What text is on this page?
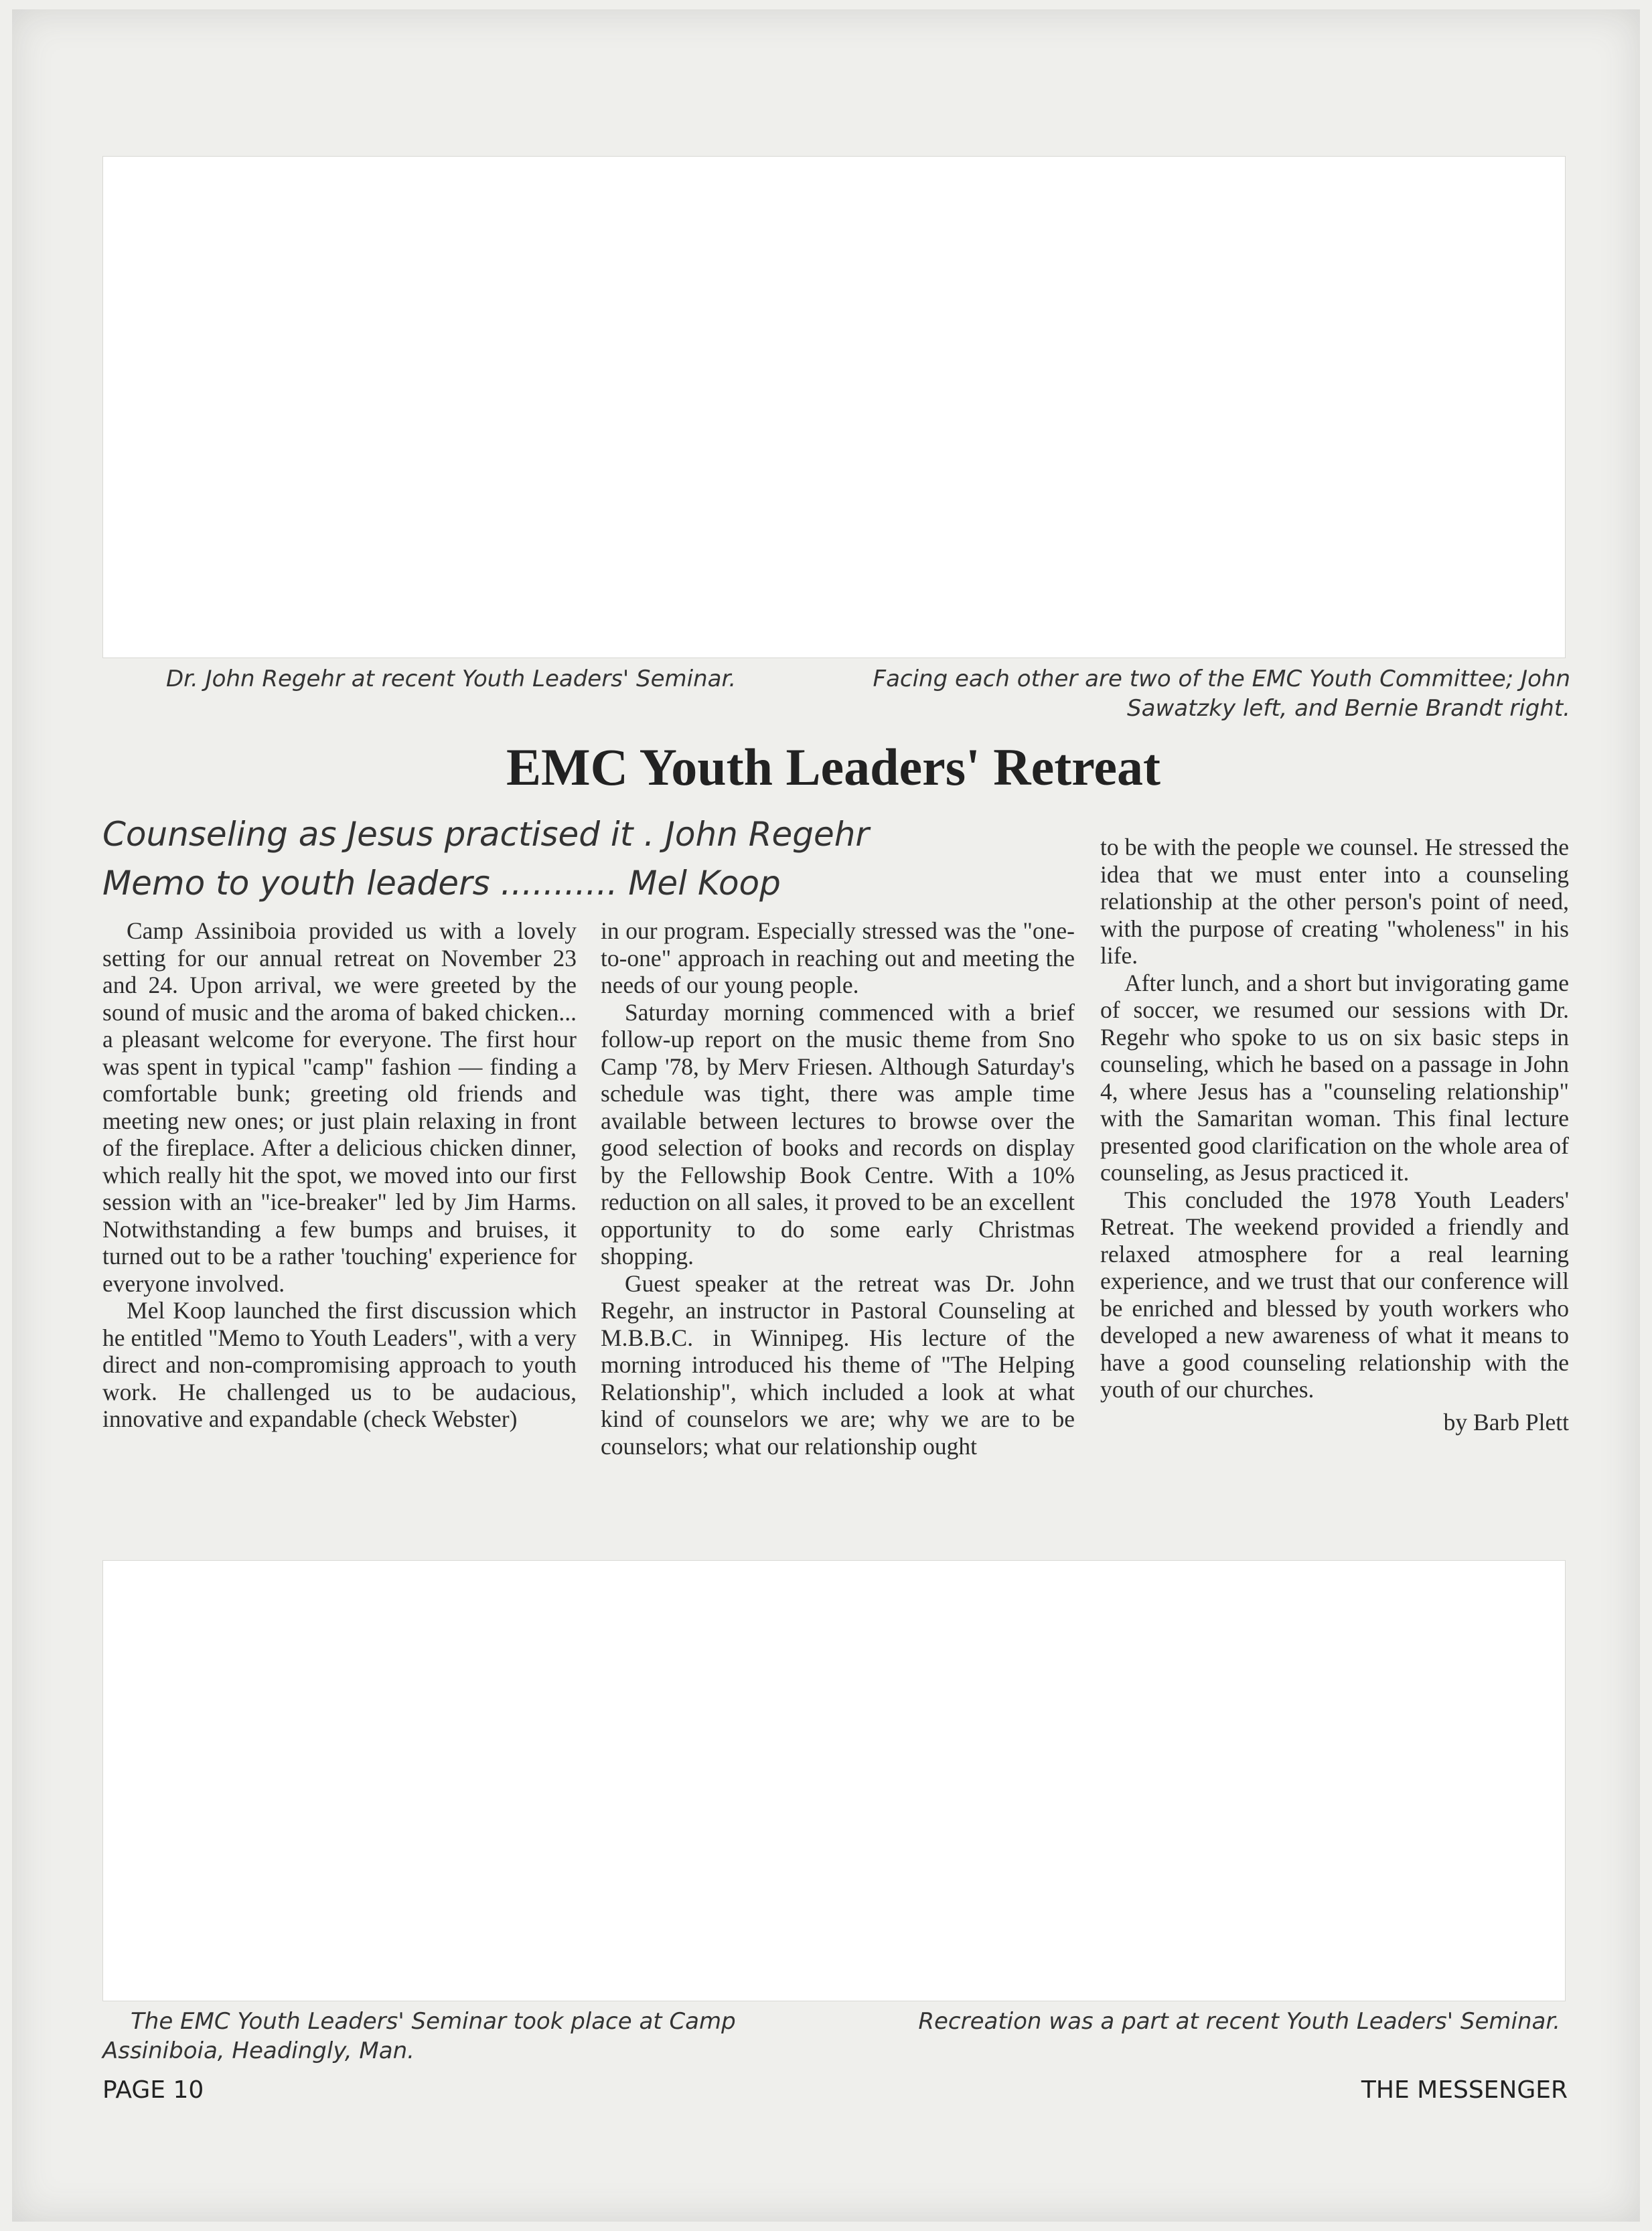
Dr. John Regehr at recent Youth Leaders' Seminar.	Facing each other are two of the EMC Youth Committee; John Sawatzky left, and Bernie Brandt right.

EMC Youth Leaders' Retreat

Counseling as Jesus practised it . John Regehr

Memo to youth leaders ........... Mel Koop

Camp Assiniboia provided us with a lovely setting for our annual retreat on November 23 and 24. Upon arrival, we were greeted by the sound of music and the aroma of baked chicken... a pleasant welcome for everyone. The first hour was spent in typical "camp" fashion — finding a comfortable bunk; greeting old friends and meeting new ones; or just plain relaxing in front of the fireplace. After a delicious chicken dinner, which really hit the spot, we moved into our first session with an "ice-breaker" led by Jim Harms. Notwithstanding a few bumps and bruises, it turned out to be a rather 'touching' experience for everyone involved.

Mel Koop launched the first discussion which he entitled "Memo to Youth Leaders", with a very direct and non-compromising approach to youth work. He challenged us to be audacious, innovative and expandable (check Webster)

in our program. Especially stressed was the "one-to-one" approach in reaching out and meeting the needs of our young people.

Saturday morning commenced with a brief follow-up report on the music theme from Sno Camp '78, by Merv Friesen. Although Saturday's schedule was tight, there was ample time available between lectures to browse over the good selection of books and records on display by the Fellowship Book Centre. With a 10% reduction on all sales, it proved to be an excellent opportunity to do some early Christmas shopping.

Guest speaker at the retreat was Dr. John Regehr, an instructor in Pastoral Counseling at M.B.B.C. in Winnipeg. His lecture of the morning introduced his theme of "The Helping Relationship", which included a look at what kind of counselors we are; why we are to be counselors; what our relationship ought

to be with the people we counsel. He stressed the idea that we must enter into a counseling relationship at the other person's point of need, with the purpose of creating "wholeness" in his life.

After lunch, and a short but invigorating game of soccer, we resumed our sessions with Dr. Regehr who spoke to us on six basic steps in counseling, which he based on a passage in John 4, where Jesus has a "counseling relationship" with the Samaritan woman. This final lecture presented good clarification on the whole area of counseling, as Jesus practiced it.

This concluded the 1978 Youth Leaders' Retreat. The weekend provided a friendly and relaxed atmosphere for a real learning experience, and we trust that our conference will be enriched and blessed by youth workers who developed a new awareness of what it means to have a good counseling relationship with the youth of our churches.

by Barb Plett

The EMC Youth Leaders' Seminar took place at Camp Assiniboia, Headingly, Man.

Recreation was a part at recent Youth Leaders' Seminar.

PAGE 10	THE MESSENGER
